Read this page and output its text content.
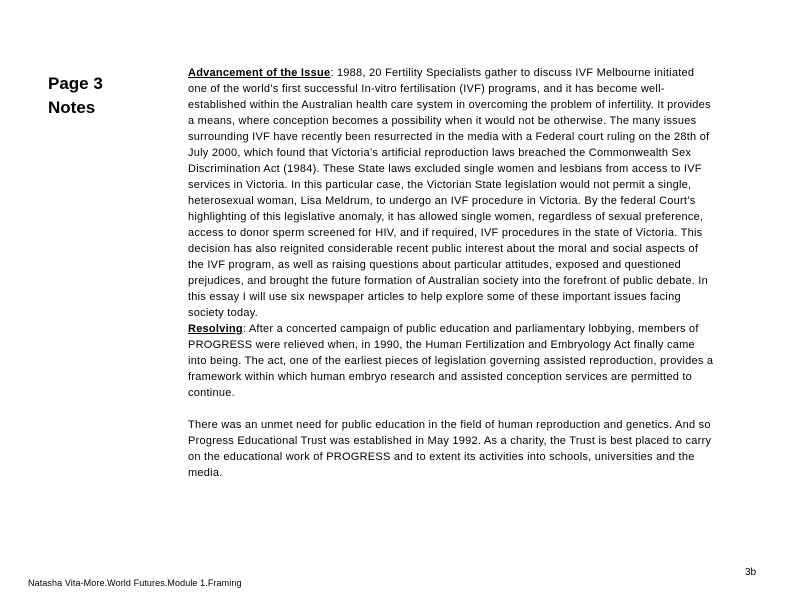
Page 3
Notes

Advancement of the Issue: 1988, 20 Fertility Specialists gather to discuss IVF Melbourne initiated one of the world’s first successful In-vitro fertilisation (IVF) programs, and it has become well-established within the Australian health care system in overcoming the problem of infertility. It provides a means, where conception becomes a possibility when it would not be otherwise. The many issues surrounding IVF have recently been resurrected in the media with a Federal court ruling on the 28th of July 2000, which found that Victoria’s artificial reproduction laws breached the Commonwealth Sex Discrimination Act (1984). These State laws excluded single women and lesbians from access to IVF services in Victoria. In this particular case, the Victorian State legislation would not permit a single, heterosexual woman, Lisa Meldrum, to undergo an IVF procedure in Victoria. By the federal Court’s highlighting of this legislative anomaly, it has allowed single women, regardless of sexual preference, access to donor sperm screened for HIV, and if required, IVF procedures in the state of Victoria. This decision has also reignited considerable recent public interest about the moral and social aspects of the IVF program, as well as raising questions about particular attitudes, exposed and questioned prejudices, and brought the future formation of Australian society into the forefront of public debate. In this essay I will use six newspaper articles to help explore some of these important issues facing society today.

Resolving: After a concerted campaign of public education and parliamentary lobbying, members of PROGRESS were relieved when, in 1990, the Human Fertilization and Embryology Act finally came into being. The act, one of the earliest pieces of legislation governing assisted reproduction, provides a framework within which human embryo research and assisted conception services are permitted to continue.

There was an unmet need for public education in the field of human reproduction and genetics. And so Progress Educational Trust was established in May 1992. As a charity, the Trust is best placed to carry on the educational work of PROGRESS and to extent its activities into schools, universities and the media.

Natasha Vita-More.World Futures.Module 1.Framing
3b
